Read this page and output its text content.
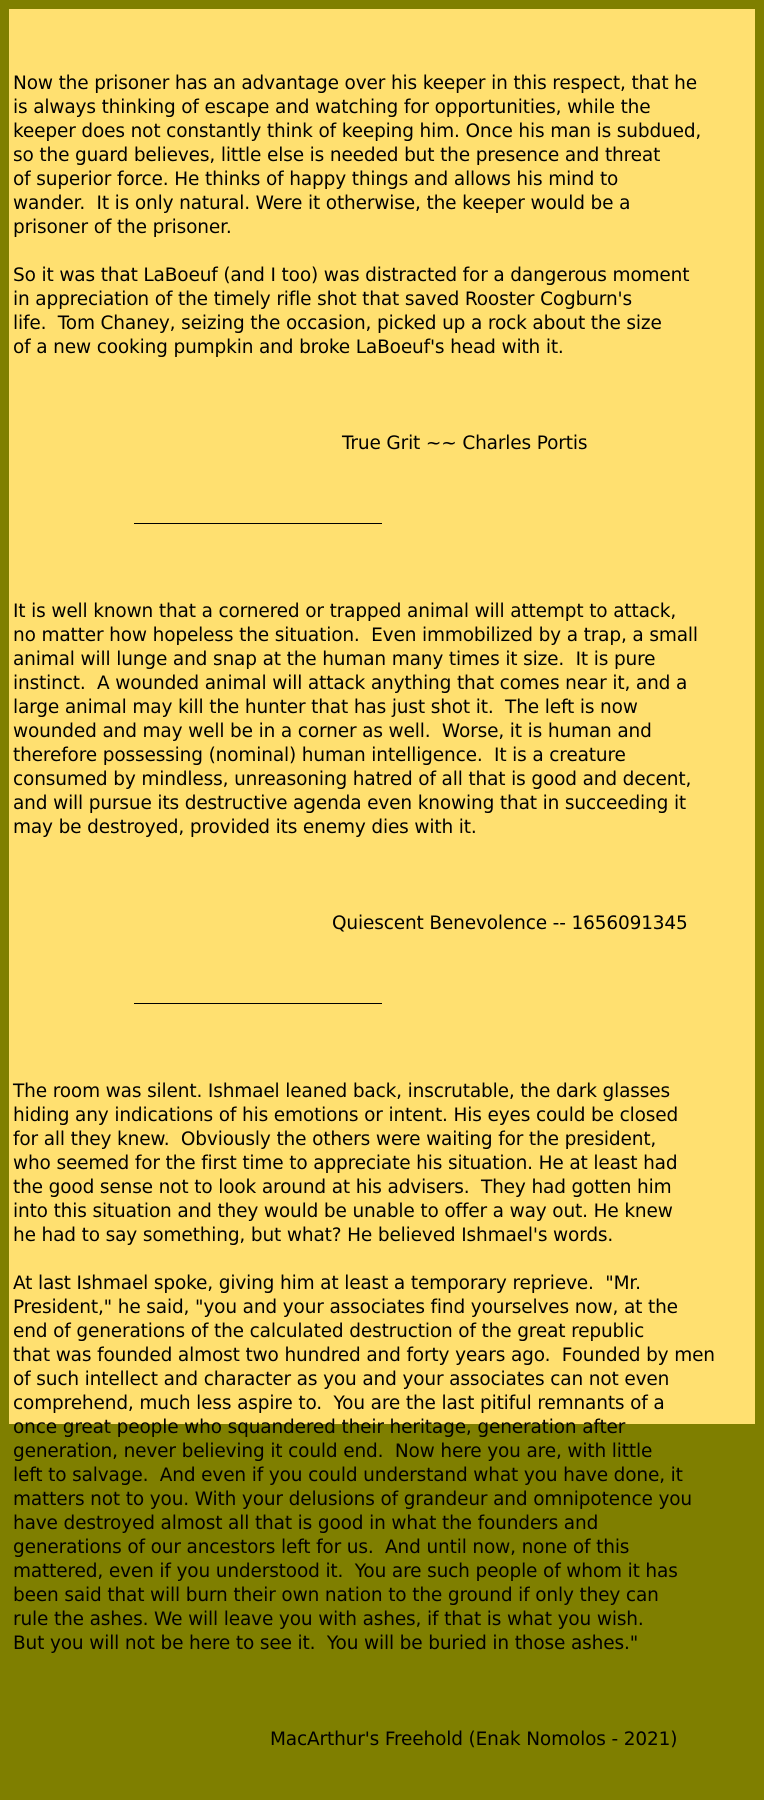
Now the prisoner has an advantage over his keeper in this respect, that he
is always thinking of escape and watching for opportunities, while the
keeper does not constantly think of keeping him. Once his man is subdued,
so the guard believes, little else is needed but the presence and threat
of superior force. He thinks of happy things and allows his mind to
wander.  It is only natural. Were it otherwise, the keeper would be a
prisoner of the prisoner.
So it was that LaBoeuf (and I too) was distracted for a dangerous moment
in appreciation of the timely rifle shot that saved Rooster Cogburn's
life.  Tom Chaney, seizing the occasion, picked up a rock about the size
of a new cooking pumpkin and broke LaBoeuf's head with it.

True Grit ~~ Charles Portis

It is well known that a cornered or trapped animal will attempt to attack,
no matter how hopeless the situation.  Even immobilized by a trap, a small
animal will lunge and snap at the human many times it size.  It is pure
instinct.  A wounded animal will attack anything that comes near it, and a
large animal may kill the hunter that has just shot it.  The left is now
wounded and may well be in a corner as well.  Worse, it is human and
therefore possessing (nominal) human intelligence.  It is a creature
consumed by mindless, unreasoning hatred of all that is good and decent,
and will pursue its destructive agenda even knowing that in succeeding it
may be destroyed, provided its enemy dies with it.

Quiescent Benevolence -- 1656091345

The room was silent. Ishmael leaned back, inscrutable, the dark glasses
hiding any indications of his emotions or intent. His eyes could be closed
for all they knew.  Obviously the others were waiting for the president,
who seemed for the first time to appreciate his situation. He at least had
the good sense not to look around at his advisers.  They had gotten him
into this situation and they would be unable to offer a way out. He knew
he had to say something, but what? He believed Ishmael's words.
At last Ishmael spoke, giving him at least a temporary reprieve.  "Mr.
President," he said, "you and your associates find yourselves now, at the
end of generations of the calculated destruction of the great republic
that was founded almost two hundred and forty years ago.  Founded by men
of such intellect and character as you and your associates can not even
comprehend, much less aspire to.  You are the last pitiful remnants of a
once great people who squandered their heritage, generation after
generation, never believing it could end.  Now here you are, with little
left to salvage.  And even if you could understand what you have done, it
matters not to you. With your delusions of grandeur and omnipotence you
have destroyed almost all that is good in what the founders and
generations of our ancestors left for us.  And until now, none of this
mattered, even if you understood it.  You are such people of whom it has
been said that will burn their own nation to the ground if only they can
rule the ashes. We will leave you with ashes, if that is what you wish.
But you will not be here to see it.  You will be buried in those ashes."

MacArthur's Freehold (Enak Nomolos - 2021)
